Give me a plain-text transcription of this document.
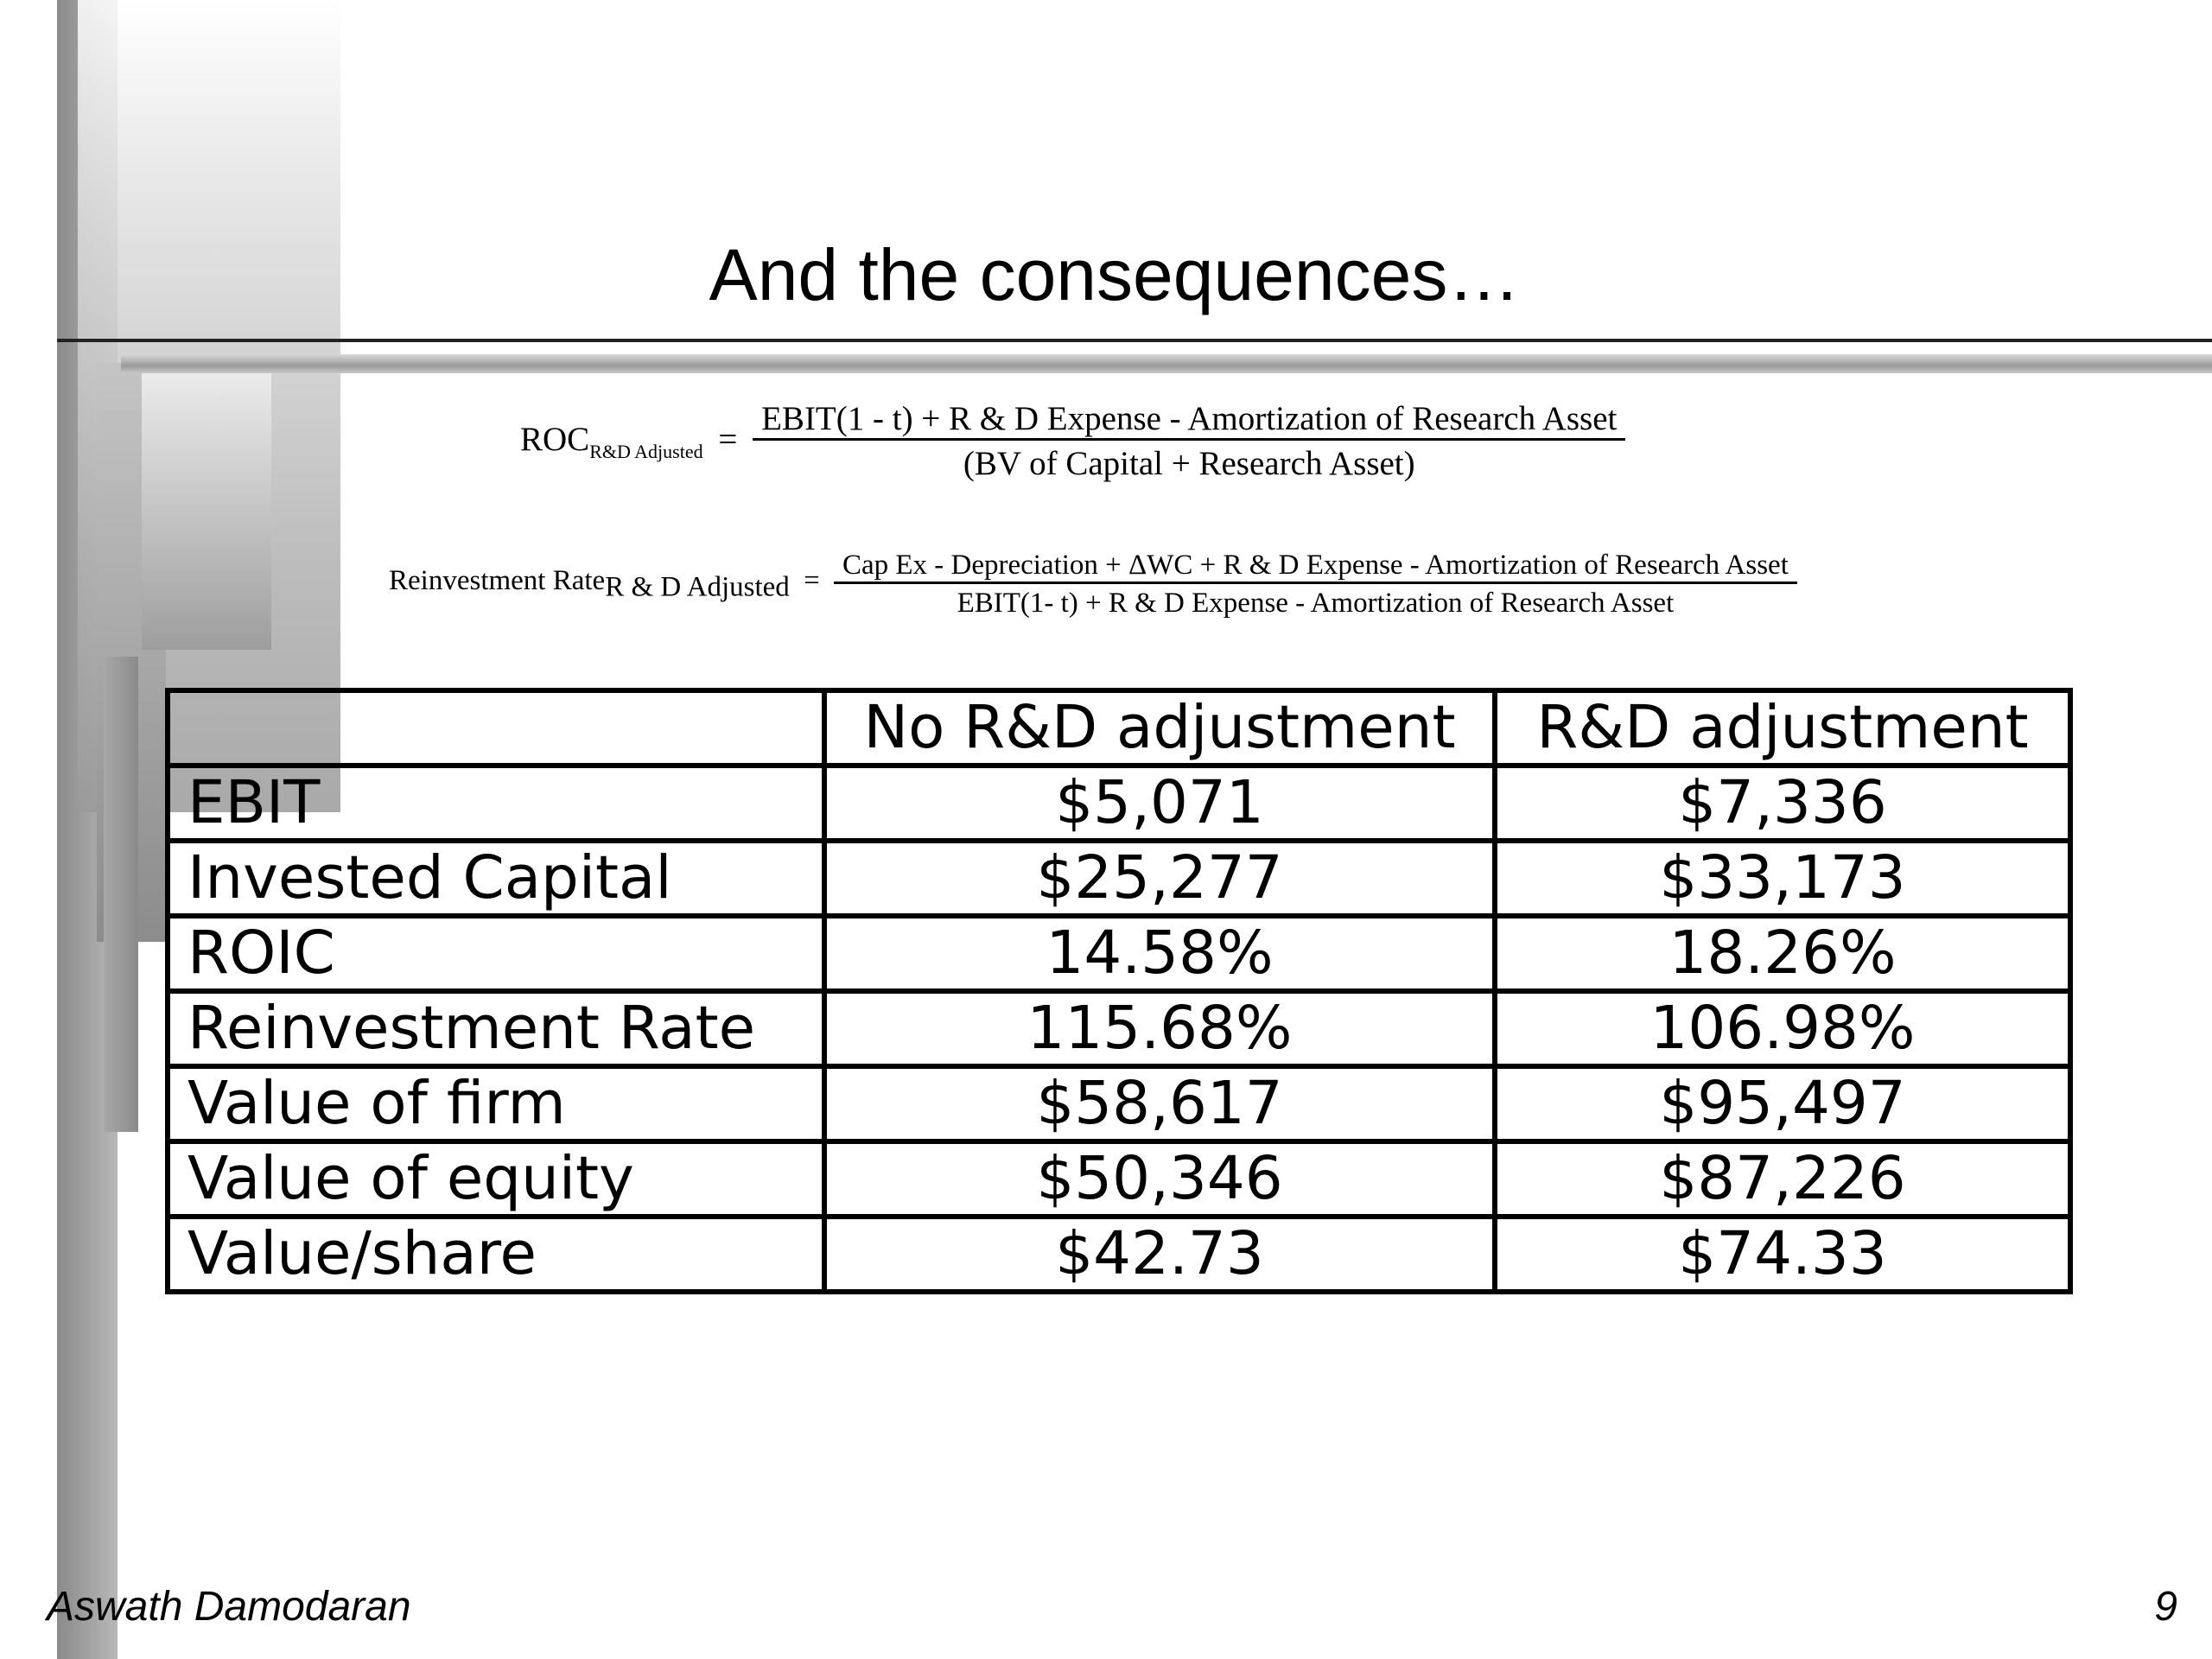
And the consequences…
$ROC_{R\&D Adjusted}$ =
EBIT(1 - t) + R & D Expense - Amortization of Research Asset
(BV of Capital + Research Asset)
Reinvestment Rate$_{R \& D Adjusted}$ =
Cap Ex - Depreciation + ΔWC + R & D Expense - Amortization of Research Asset
EBIT(1- t) + R & D Expense - Amortization of Research Asset
	No R&D adjustment	R&D adjustment
EBIT	$5,071	$7,336
Invested Capital	$25,277	$33,173
ROIC	14.58%	18.26%
Reinvestment Rate	115.68%	106.98%
Value of firm	$58,617	$95,497
Value of equity	$50,346	$87,226
Value/share	$42.73	$74.33
Aswath Damodaran	9
